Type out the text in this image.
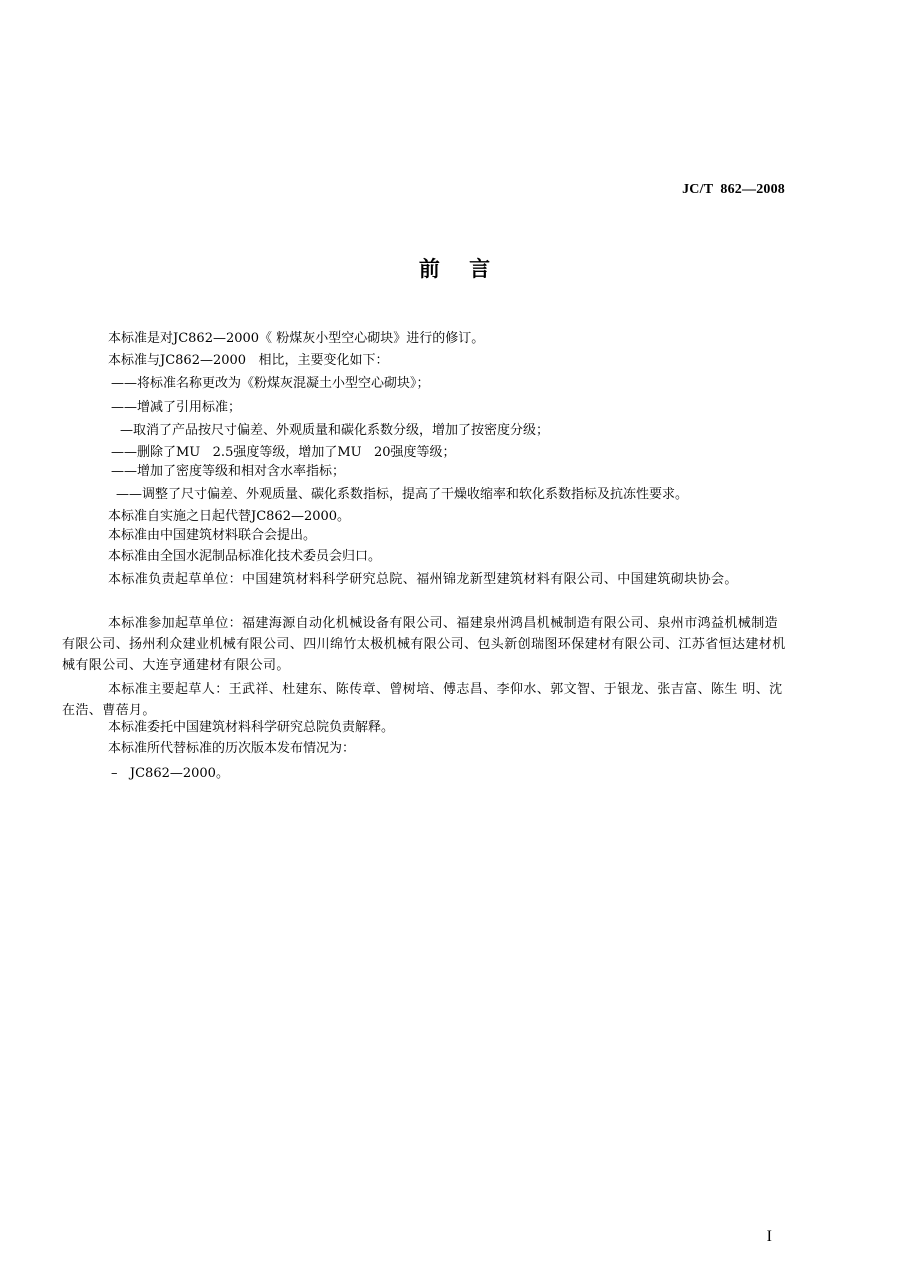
JC/T  862—2008
前    言
本标准是对JC862—2000《 粉煤灰小型空心砌块》进行的修订。
本标准与JC862—2000   相比，主要变化如下：
——将标准名称更改为《粉煤灰混凝土小型空心砌块》；
——增减了引用标准；
—取消了产品按尺寸偏差、外观质量和碳化系数分级，增加了按密度分级；
——删除了MU   2.5强度等级，增加了MU   20强度等级；
——增加了密度等级和相对含水率指标；
——调整了尺寸偏差、外观质量、碳化系数指标，提高了干燥收缩率和软化系数指标及抗冻性要求。
本标准自实施之日起代替JC862—2000。
本标准由中国建筑材料联合会提出。
本标准由全国水泥制品标准化技术委员会归口。
本标准负责起草单位：中国建筑材料科学研究总院、福州锦龙新型建筑材料有限公司、中国建筑砌块协会。
本标准参加起草单位：福建海源自动化机械设备有限公司、福建泉州鸿昌机械制造有限公司、泉州市鸿益机械制造有限公司、扬州利众建业机械有限公司、四川绵竹太极机械有限公司、包头新创瑞图环保建材有限公司、江苏省恒达建材机械有限公司、大连亨通建材有限公司。
本标准主要起草人：王武祥、杜建东、陈传章、曾树培、傅志昌、李仰水、郭文智、于银龙、张吉富、陈生 明、沈在浩、曹蓓月。
本标准委托中国建筑材料科学研究总院负责解释。
本标准所代替标准的历次版本发布情况为：
–   JC862—2000。
I
